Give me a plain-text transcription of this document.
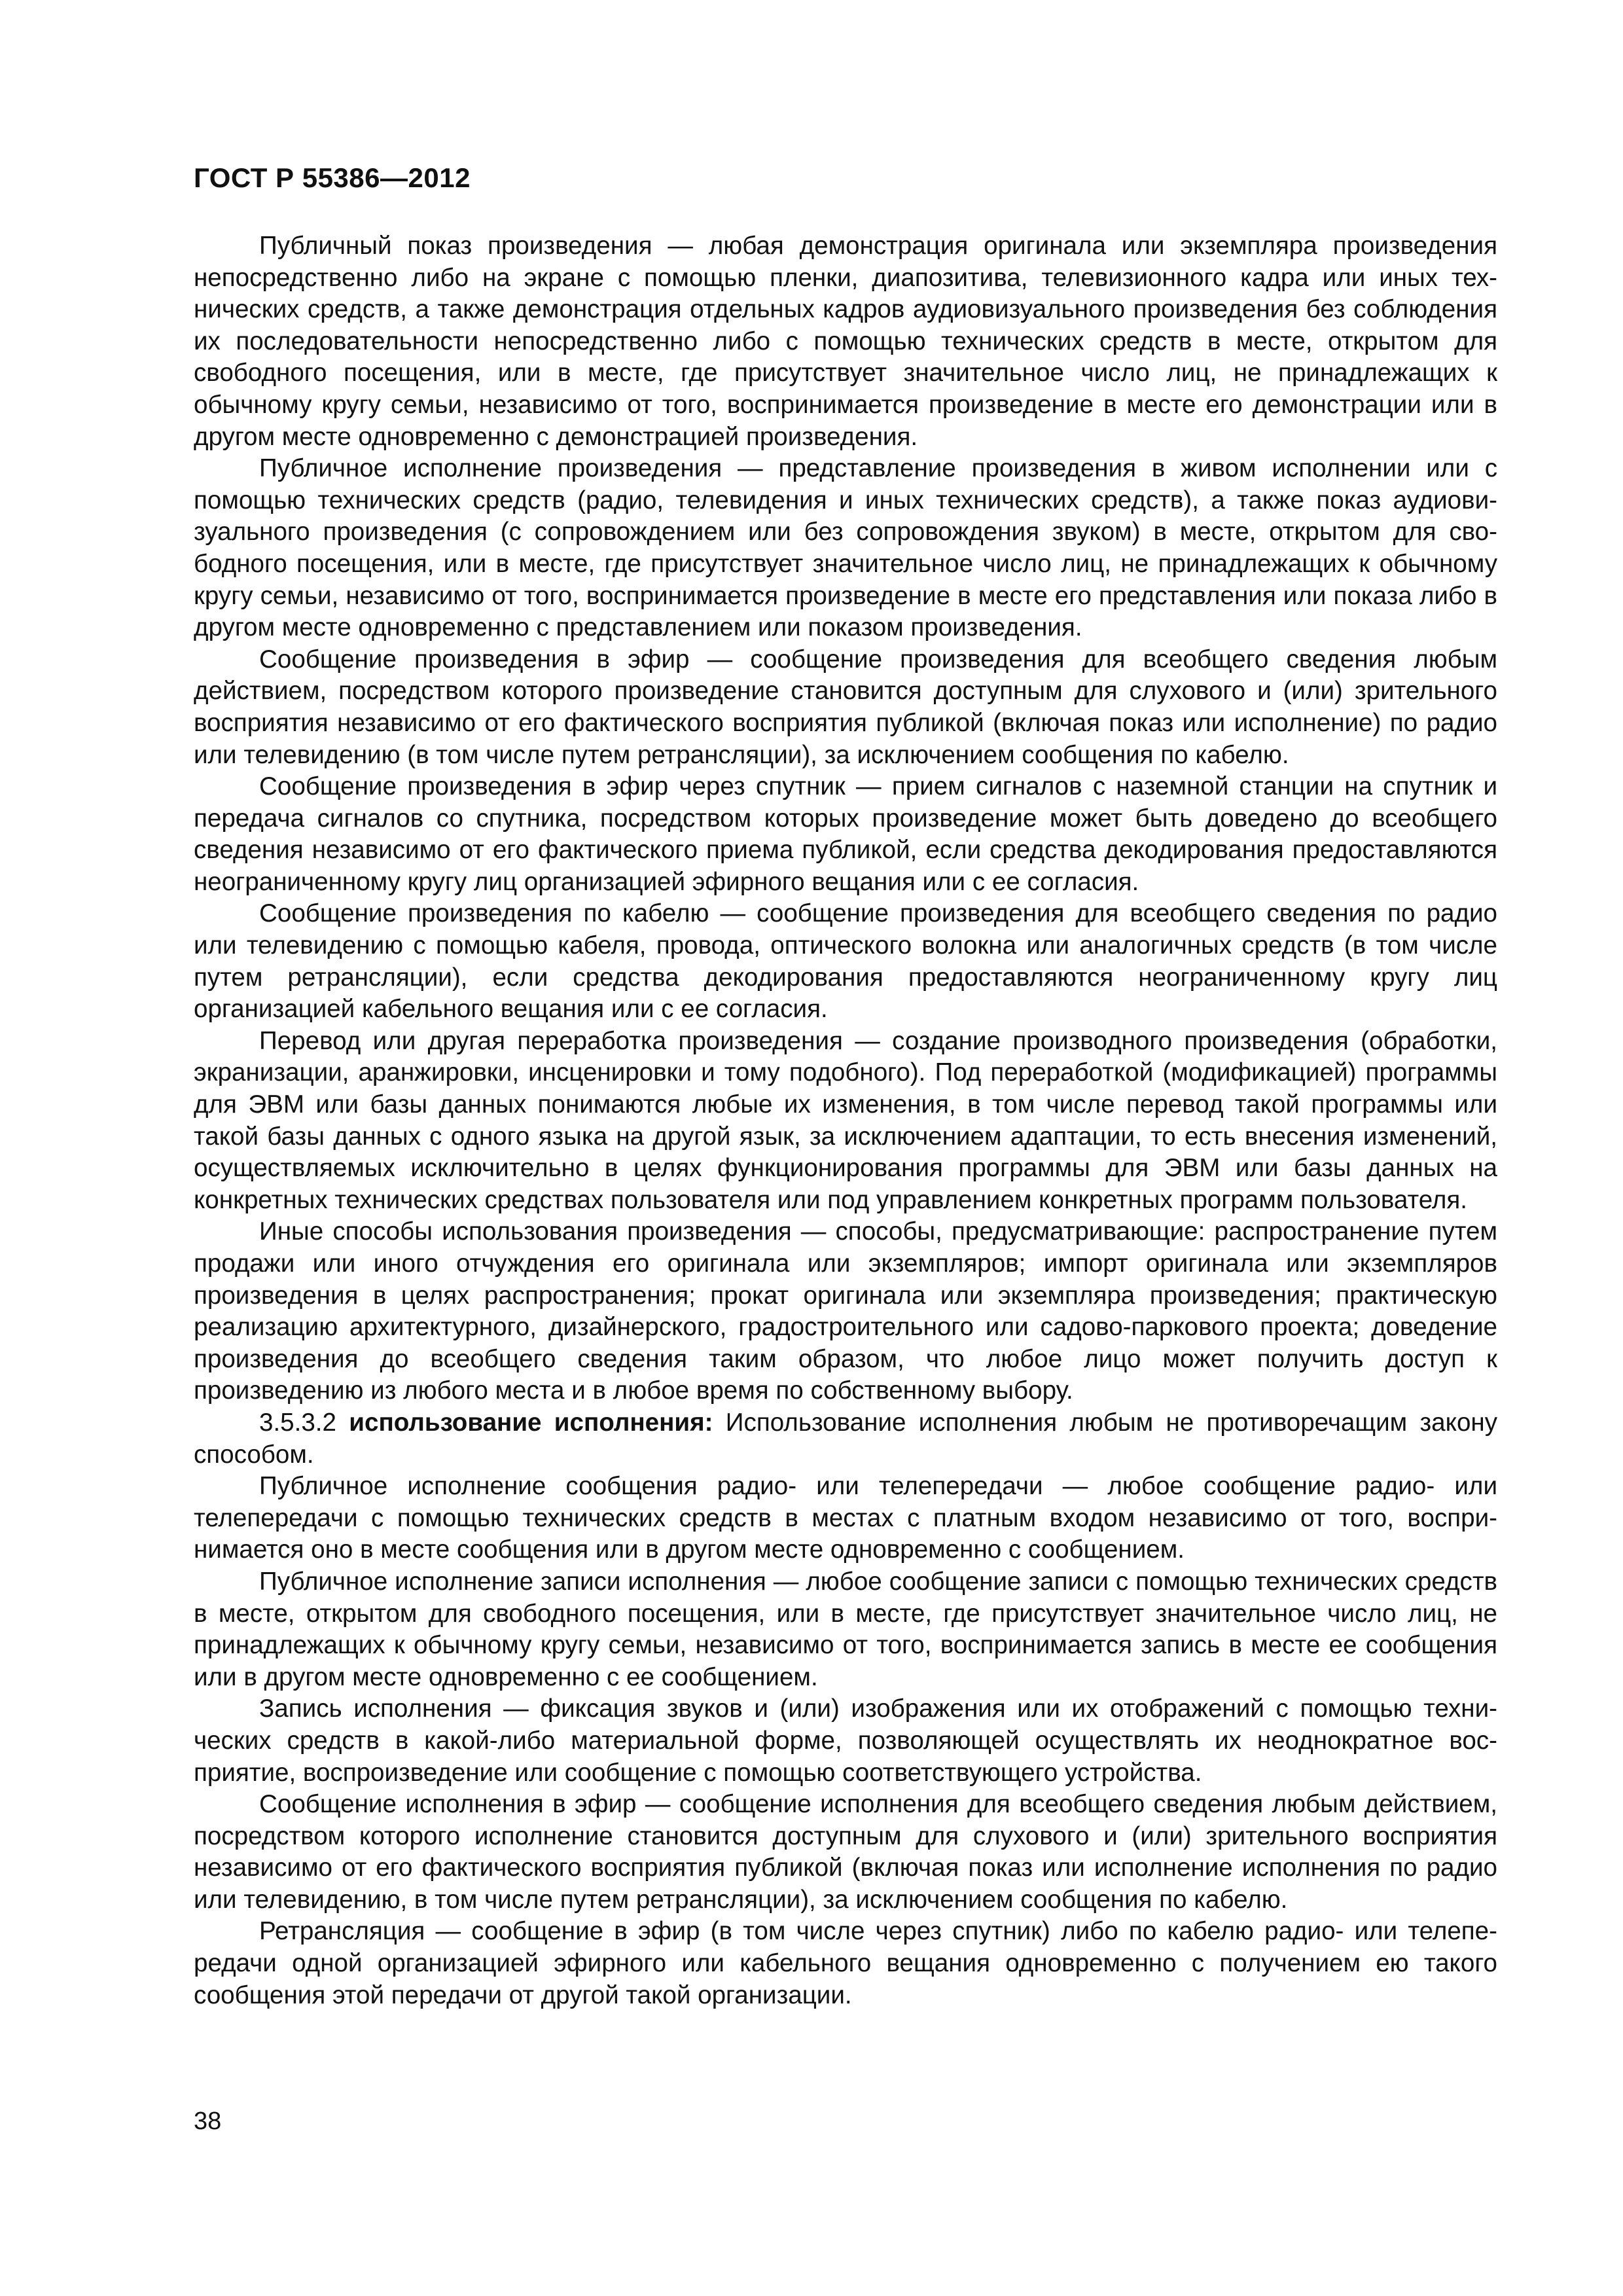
ГОСТ Р 55386—2012

Публичный показ произведения — любая демонстрация оригинала или экземпляра произведения непосредственно либо на экране с помощью пленки, диапозитива, телевизионного кадра или иных технических средств, а также демонстрация отдельных кадров аудиовизуального произведения без соблюдения их последовательности непосредственно либо с помощью технических средств в месте, открытом для свободного посещения, или в месте, где присутствует значительное число лиц, не принадлежащих к обычному кругу семьи, независимо от того, воспринимается произведение в месте его демонстрации или в другом месте одновременно с демонстрацией произведения.

Публичное исполнение произведения — представление произведения в живом исполнении или с помощью технических средств (радио, телевидения и иных технических средств), а также показ аудиовизуального произведения (с сопровождением или без сопровождения звуком) в месте, открытом для свободного посещения, или в месте, где присутствует значительное число лиц, не принадлежащих к обычному кругу семьи, независимо от того, воспринимается произведение в месте его представления или показа либо в другом месте одновременно с представлением или показом произведения.

Сообщение произведения в эфир — сообщение произведения для всеобщего сведения любым действием, посредством которого произведение становится доступным для слухового и (или) зрительного восприятия независимо от его фактического восприятия публикой (включая показ или исполнение) по радио или телевидению (в том числе путем ретрансляции), за исключением сообщения по кабелю.

Сообщение произведения в эфир через спутник — прием сигналов с наземной станции на спутник и передача сигналов со спутника, посредством которых произведение может быть доведено до всеобщего сведения независимо от его фактического приема публикой, если средства декодирования предоставляются неограниченному кругу лиц организацией эфирного вещания или с ее согласия.

Сообщение произведения по кабелю — сообщение произведения для всеобщего сведения по радио или телевидению с помощью кабеля, провода, оптического волокна или аналогичных средств (в том числе путем ретрансляции), если средства декодирования предоставляются неограниченному кругу лиц организацией кабельного вещания или с ее согласия.

Перевод или другая переработка произведения — создание производного произведения (обработки, экранизации, аранжировки, инсценировки и тому подобного). Под переработкой (модификацией) программы для ЭВМ или базы данных понимаются любые их изменения, в том числе перевод такой программы или такой базы данных с одного языка на другой язык, за исключением адаптации, то есть внесения изменений, осуществляемых исключительно в целях функционирования программы для ЭВМ или базы данных на конкретных технических средствах пользователя или под управлением конкретных программ пользователя.

Иные способы использования произведения — способы, предусматривающие: распространение путем продажи или иного отчуждения его оригинала или экземпляров; импорт оригинала или экземпляров произведения в целях распространения; прокат оригинала или экземпляра произведения; практическую реализацию архитектурного, дизайнерского, градостроительного или садово-паркового проекта; доведение произведения до всеобщего сведения таким образом, что любое лицо может получить доступ к произведению из любого места и в любое время по собственному выбору.

3.5.3.2 использование исполнения: Использование исполнения любым не противоречащим закону способом.

Публичное исполнение сообщения радио- или телепередачи — любое сообщение радио- или телепередачи с помощью технических средств в местах с платным входом независимо от того, воспринимается оно в месте сообщения или в другом месте одновременно с сообщением.

Публичное исполнение записи исполнения — любое сообщение записи с помощью технических средств в месте, открытом для свободного посещения, или в месте, где присутствует значительное число лиц, не принадлежащих к обычному кругу семьи, независимо от того, воспринимается запись в месте ее сообщения или в другом месте одновременно с ее сообщением.

Запись исполнения — фиксация звуков и (или) изображения или их отображений с помощью технических средств в какой-либо материальной форме, позволяющей осуществлять их неоднократное восприятие, воспроизведение или сообщение с помощью соответствующего устройства.

Сообщение исполнения в эфир — сообщение исполнения для всеобщего сведения любым действием, посредством которого исполнение становится доступным для слухового и (или) зрительного восприятия независимо от его фактического восприятия публикой (включая показ или исполнение исполнения по радио или телевидению, в том числе путем ретрансляции), за исключением сообщения по кабелю.

Ретрансляция — сообщение в эфир (в том числе через спутник) либо по кабелю радио- или телепередачи одной организацией эфирного или кабельного вещания одновременно с получением ею такого сообщения этой передачи от другой такой организации.

38
